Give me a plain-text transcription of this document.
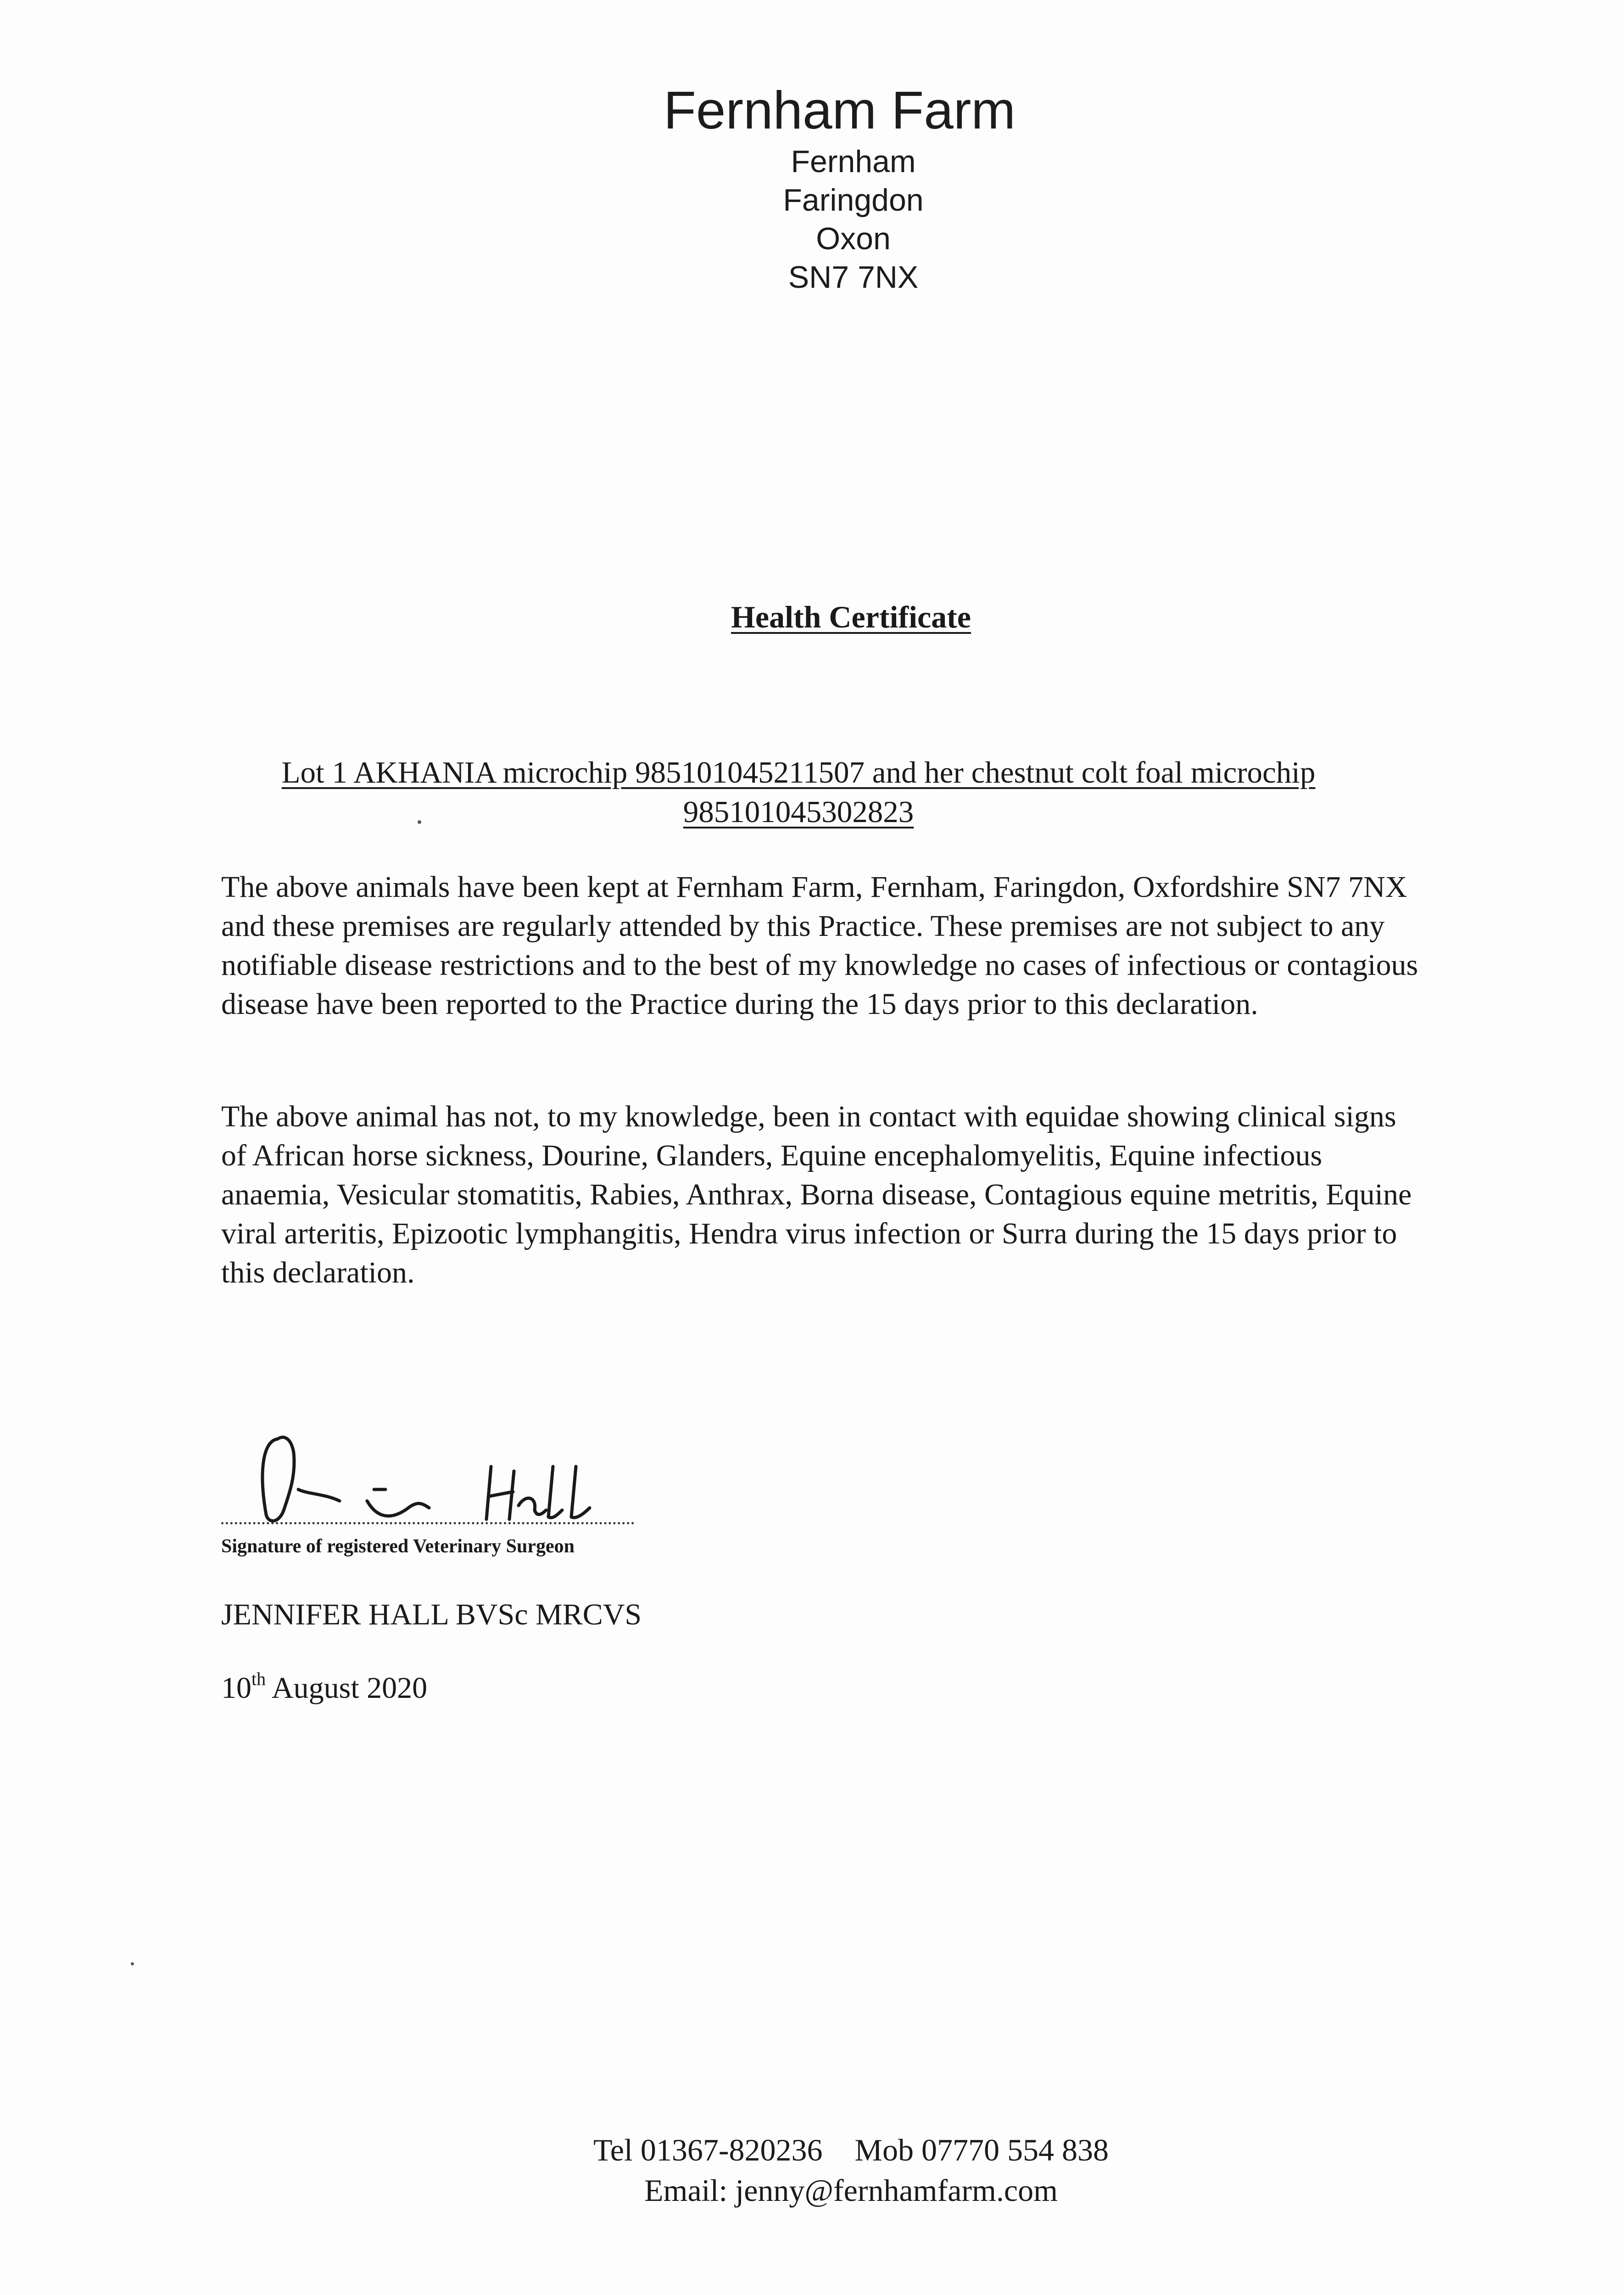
Fernham Farm
Fernham
Faringdon
Oxon
SN7 7NX
Health Certificate
Lot 1 AKHANIA microchip 985101045211507 and her chestnut colt foal microchip
985101045302823
The above animals have been kept at Fernham Farm, Fernham, Faringdon, Oxfordshire SN7 7NX and these premises are regularly attended by this Practice. These premises are not subject to any notifiable disease restrictions and to the best of my knowledge no cases of infectious or contagious disease have been reported to the Practice during the 15 days prior to this declaration.
The above animal has not, to my knowledge, been in contact with equidae showing clinical signs of African horse sickness, Dourine, Glanders, Equine encephalomyelitis, Equine infectious anaemia, Vesicular stomatitis, Rabies, Anthrax, Borna disease, Contagious equine metritis, Equine viral arteritis, Epizootic lymphangitis, Hendra virus infection or Surra during the 15 days prior to this declaration.
J. Hall
Signature of registered Veterinary Surgeon
JENNIFER HALL BVSc MRCVS
10th August 2020
Tel 01367-820236 Mob 07770 554 838
Email: jenny@fernhamfarm.com
